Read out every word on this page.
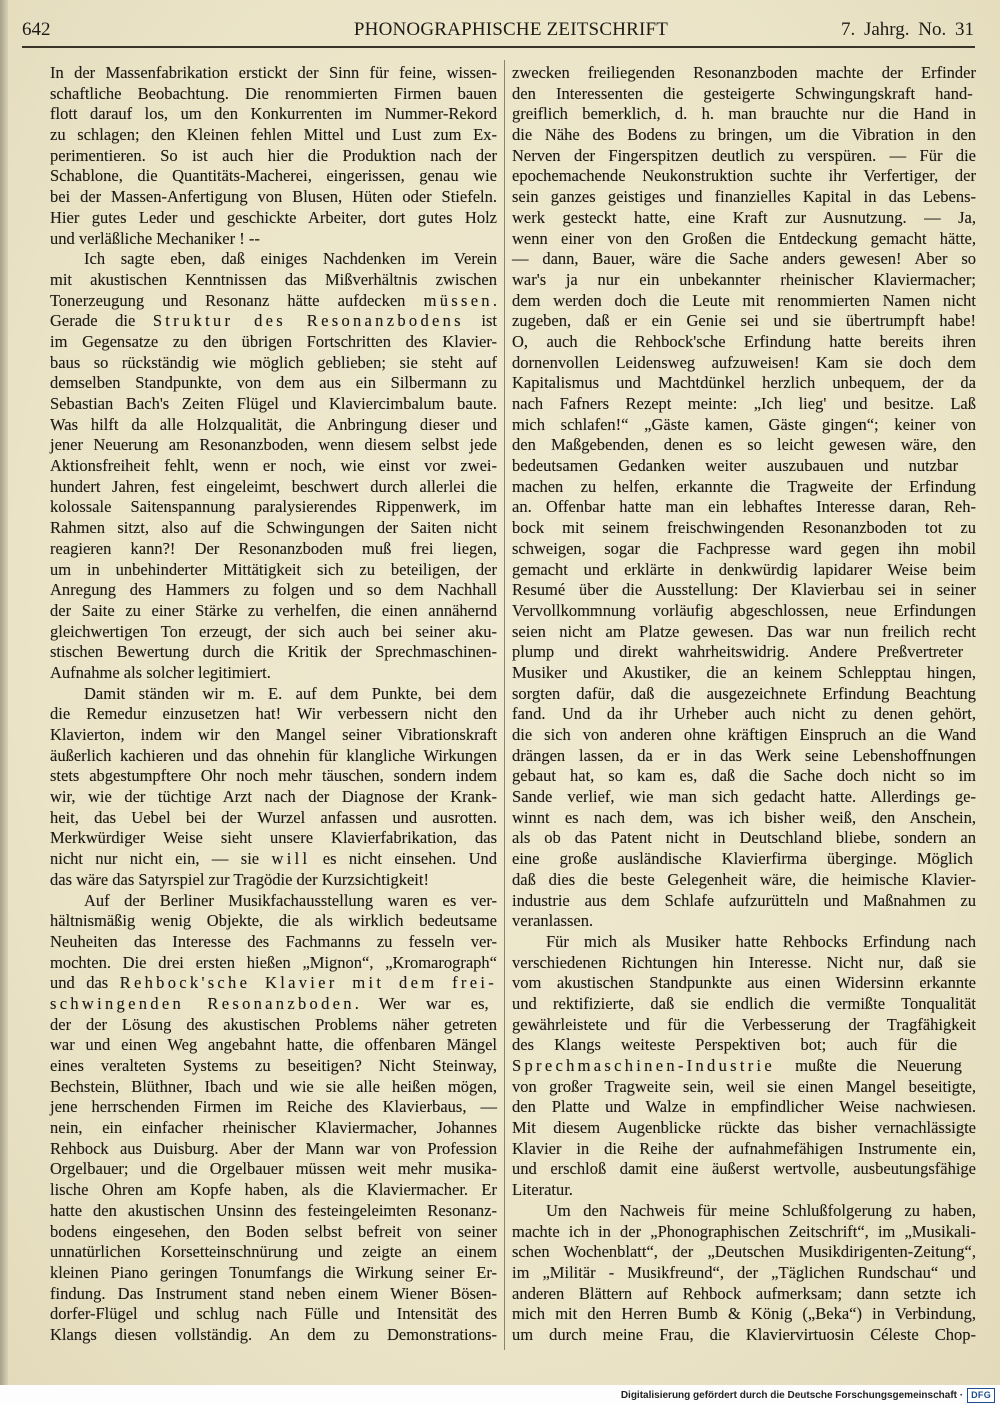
642	PHONOGRAPHISCHE ZEITSCHRIFT	7. Jahrg. No. 31
In der Massenfabrikation erstickt der Sinn für feine, wissen-
schaftliche Beobachtung. Die renommierten Firmen bauen
flott darauf los, um den Konkurrenten im Nummer-Rekord
zu schlagen; den Kleinen fehlen Mittel und Lust zum Ex-
perimentieren. So ist auch hier die Produktion nach der
Schablone, die Quantitäts-Macherei, eingerissen, genau wie
bei der Massen-Anfertigung von Blusen, Hüten oder Stiefeln.
Hier gutes Leder und geschickte Arbeiter, dort gutes Holz
und verläßliche Mechaniker ! --
Ich sagte eben, daß einiges Nachdenken im Verein
mit akustischen Kenntnissen das Mißverhältnis zwischen
Tonerzeugung und Resonanz hätte aufdecken müssen.
Gerade die Struktur des Resonanzbodens ist
im Gegensatze zu den übrigen Fortschritten des Klavier-
baus so rückständig wie möglich geblieben; sie steht auf
demselben Standpunkte, von dem aus ein Silbermann zu
Sebastian Bach's Zeiten Flügel und Klaviercimbalum baute.
Was hilft da alle Holzqualität, die Anbringung dieser und
jener Neuerung am Resonanzboden, wenn diesem selbst jede
Aktionsfreiheit fehlt, wenn er noch, wie einst vor zwei-
hundert Jahren, fest eingeleimt, beschwert durch allerlei die
kolossale Saitenspannung paralysierendes Rippenwerk, im
Rahmen sitzt, also auf die Schwingungen der Saiten nicht
reagieren kann?! Der Resonanzboden muß frei liegen,
um in unbehinderter Mittätigkeit sich zu beteiligen, der
Anregung des Hammers zu folgen und so dem Nachhall
der Saite zu einer Stärke zu verhelfen, die einen annähernd
gleichwertigen Ton erzeugt, der sich auch bei seiner aku-
stischen Bewertung durch die Kritik der Sprechmaschinen-
Aufnahme als solcher legitimiert.
Damit ständen wir m. E. auf dem Punkte, bei dem
die Remedur einzusetzen hat! Wir verbessern nicht den
Klavierton, indem wir den Mangel seiner Vibrationskraft
äußerlich kachieren und das ohnehin für klangliche Wirkungen
stets abgestumpftere Ohr noch mehr täuschen, sondern indem
wir, wie der tüchtige Arzt nach der Diagnose der Krank-
heit, das Uebel bei der Wurzel anfassen und ausrotten.
Merkwürdiger Weise sieht unsere Klavierfabrikation, das
nicht nur nicht ein, — sie will es nicht einsehen. Und
das wäre das Satyrspiel zur Tragödie der Kurzsichtigkeit!
Auf der Berliner Musikfachausstellung waren es ver-
hältnismäßig wenig Objekte, die als wirklich bedeutsame
Neuheiten das Interesse des Fachmanns zu fesseln ver-
mochten. Die drei ersten hießen „Mignon“, „Kromarograph“
und das Rehbock'sche Klavier mit dem frei-
schwingenden Resonanzboden. Wer war es,
der der Lösung des akustischen Problems näher getreten
war und einen Weg angebahnt hatte, die offenbaren Mängel
eines veralteten Systems zu beseitigen? Nicht Steinway,
Bechstein, Blüthner, Ibach und wie sie alle heißen mögen,
jene herrschenden Firmen im Reiche des Klavierbaus, —
nein, ein einfacher rheinischer Klaviermacher, Johannes
Rehbock aus Duisburg. Aber der Mann war von Profession
Orgelbauer; und die Orgelbauer müssen weit mehr musika-
lische Ohren am Kopfe haben, als die Klaviermacher. Er
hatte den akustischen Unsinn des festeingeleimten Resonanz-
bodens eingesehen, den Boden selbst befreit von seiner
unnatürlichen Korsetteinschnürung und zeigte an einem
kleinen Piano geringen Tonumfangs die Wirkung seiner Er-
findung. Das Instrument stand neben einem Wiener Bösen-
dorfer-Flügel und schlug nach Fülle und Intensität des
Klangs diesen vollständig. An dem zu Demonstrations-
zwecken freiliegenden Resonanzboden machte der Erfinder
den Interessenten die gesteigerte Schwingungskraft hand-
greiflich bemerklich, d. h. man brauchte nur die Hand in
die Nähe des Bodens zu bringen, um die Vibration in den
Nerven der Fingerspitzen deutlich zu verspüren. — Für die
epochemachende Neukonstruktion suchte ihr Verfertiger, der
sein ganzes geistiges und finanzielles Kapital in das Lebens-
werk gesteckt hatte, eine Kraft zur Ausnutzung. — Ja,
wenn einer von den Großen die Entdeckung gemacht hätte,
— dann, Bauer, wäre die Sache anders gewesen! Aber so
war's ja nur ein unbekannter rheinischer Klaviermacher;
dem werden doch die Leute mit renommierten Namen nicht
zugeben, daß er ein Genie sei und sie übertrumpft habe!
O, auch die Rehbock'sche Erfindung hatte bereits ihren
dornenvollen Leidensweg aufzuweisen! Kam sie doch dem
Kapitalismus und Machtdünkel herzlich unbequem, der da
nach Fafners Rezept meinte: „Ich lieg' und besitze. Laß
mich schlafen!“ „Gäste kamen, Gäste gingen“; keiner von
den Maßgebenden, denen es so leicht gewesen wäre, den
bedeutsamen Gedanken weiter auszubauen und nutzbar
machen zu helfen, erkannte die Tragweite der Erfindung
an. Offenbar hatte man ein lebhaftes Interesse daran, Reh-
bock mit seinem freischwingenden Resonanzboden tot zu
schweigen, sogar die Fachpresse ward gegen ihn mobil
gemacht und erklärte in denkwürdig lapidarer Weise beim
Resumé über die Ausstellung: Der Klavierbau sei in seiner
Vervollkommnung vorläufig abgeschlossen, neue Erfindungen
seien nicht am Platze gewesen. Das war nun freilich recht
plump und direkt wahrheitswidrig. Andere Preßvertreter
Musiker und Akustiker, die an keinem Schlepptau hingen,
sorgten dafür, daß die ausgezeichnete Erfindung Beachtung
fand. Und da ihr Urheber auch nicht zu denen gehört,
die sich von anderen ohne kräftigen Einspruch an die Wand
drängen lassen, da er in das Werk seine Lebenshoffnungen
gebaut hat, so kam es, daß die Sache doch nicht so im
Sande verlief, wie man sich gedacht hatte. Allerdings ge-
winnt es nach dem, was ich bisher weiß, den Anschein,
als ob das Patent nicht in Deutschland bliebe, sondern an
eine große ausländische Klavierfirma überginge. Möglich
daß dies die beste Gelegenheit wäre, die heimische Klavier-
industrie aus dem Schlafe aufzurütteln und Maßnahmen zu
veranlassen.
Für mich als Musiker hatte Rehbocks Erfindung nach
verschiedenen Richtungen hin Interesse. Nicht nur, daß sie
vom akustischen Standpunkte aus einen Widersinn erkannte
und rektifizierte, daß sie endlich die vermißte Tonqualität
gewährleistete und für die Verbesserung der Tragfähigkeit
des Klangs weiteste Perspektiven bot; auch für die
Sprechmaschinen-Industrie mußte die Neuerung
von großer Tragweite sein, weil sie einen Mangel beseitigte,
den Platte und Walze in empfindlicher Weise nachwiesen.
Mit diesem Augenblicke rückte das bisher vernachlässigte
Klavier in die Reihe der aufnahmefähigen Instrumente ein,
und erschloß damit eine äußerst wertvolle, ausbeutungsfähige
Literatur.
Um den Nachweis für meine Schlußfolgerung zu haben,
machte ich in der „Phonographischen Zeitschrift“, im „Musikali-
schen Wochenblatt“, der „Deutschen Musikdirigenten-Zeitung“,
im „Militär - Musikfreund“, der „Täglichen Rundschau“ und
anderen Blättern auf Rehbock aufmerksam; dann setzte ich
mich mit den Herren Bumb & König („Beka“) in Verbindung,
um durch meine Frau, die Klaviervirtuosin Céleste Chop-
Digitalisierung gefördert durch die Deutsche Forschungsgemeinschaft · DFG
